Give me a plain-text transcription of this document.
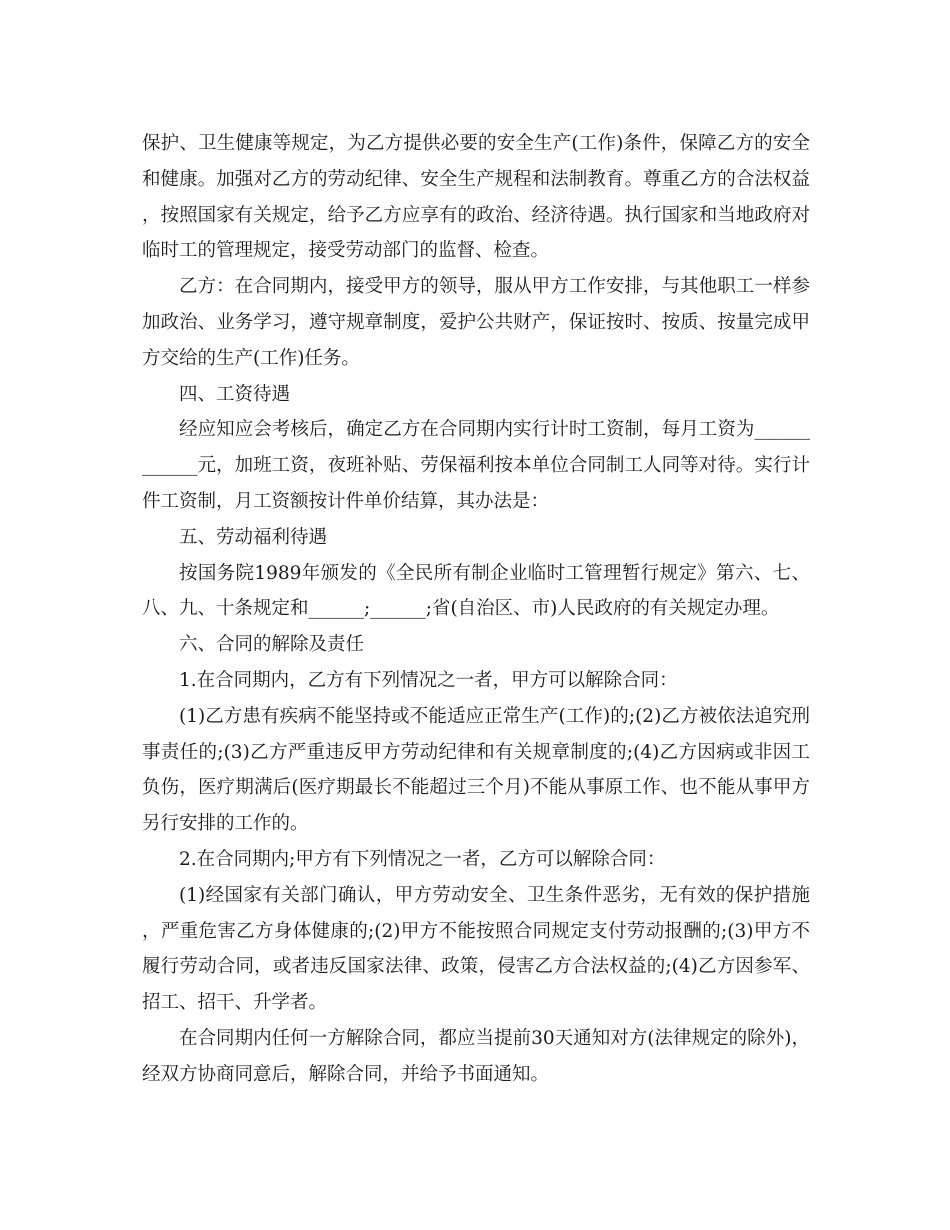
保护、卫生健康等规定，为乙方提供必要的安全生产(工作)条件，保障乙方的安全和健康。加强对乙方的劳动纪律、安全生产规程和法制教育。尊重乙方的合法权益，按照国家有关规定，给予乙方应享有的政治、经济待遇。执行国家和当地政府对临时工的管理规定，接受劳动部门的监督、检查。

乙方：在合同期内，接受甲方的领导，服从甲方工作安排，与其他职工一样参加政治、业务学习，遵守规章制度，爱护公共财产，保证按时、按质、按量完成甲方交给的生产(工作)任务。

四、工资待遇

经应知应会考核后，确定乙方在合同期内实行计时工资制，每月工资为____________元，加班工资，夜班补贴、劳保福利按本单位合同制工人同等对待。实行计件工资制，月工资额按计件单价结算，其办法是：

五、劳动福利待遇

按国务院1989年颁发的《全民所有制企业临时工管理暂行规定》第六、七、八、九、十条规定和______;______;省(自治区、市)人民政府的有关规定办理。

六、合同的解除及责任

1.在合同期内，乙方有下列情况之一者，甲方可以解除合同：

(1)乙方患有疾病不能坚持或不能适应正常生产(工作)的;(2)乙方被依法追究刑事责任的;(3)乙方严重违反甲方劳动纪律和有关规章制度的;(4)乙方因病或非因工负伤，医疗期满后(医疗期最长不能超过三个月)不能从事原工作、也不能从事甲方另行安排的工作的。

2.在合同期内;甲方有下列情况之一者，乙方可以解除合同：

(1)经国家有关部门确认，甲方劳动安全、卫生条件恶劣，无有效的保护措施，严重危害乙方身体健康的;(2)甲方不能按照合同规定支付劳动报酬的;(3)甲方不履行劳动合同，或者违反国家法律、政策，侵害乙方合法权益的;(4)乙方因参军、招工、招干、升学者。

在合同期内任何一方解除合同，都应当提前30天通知对方(法律规定的除外)，经双方协商同意后，解除合同，并给予书面通知。
